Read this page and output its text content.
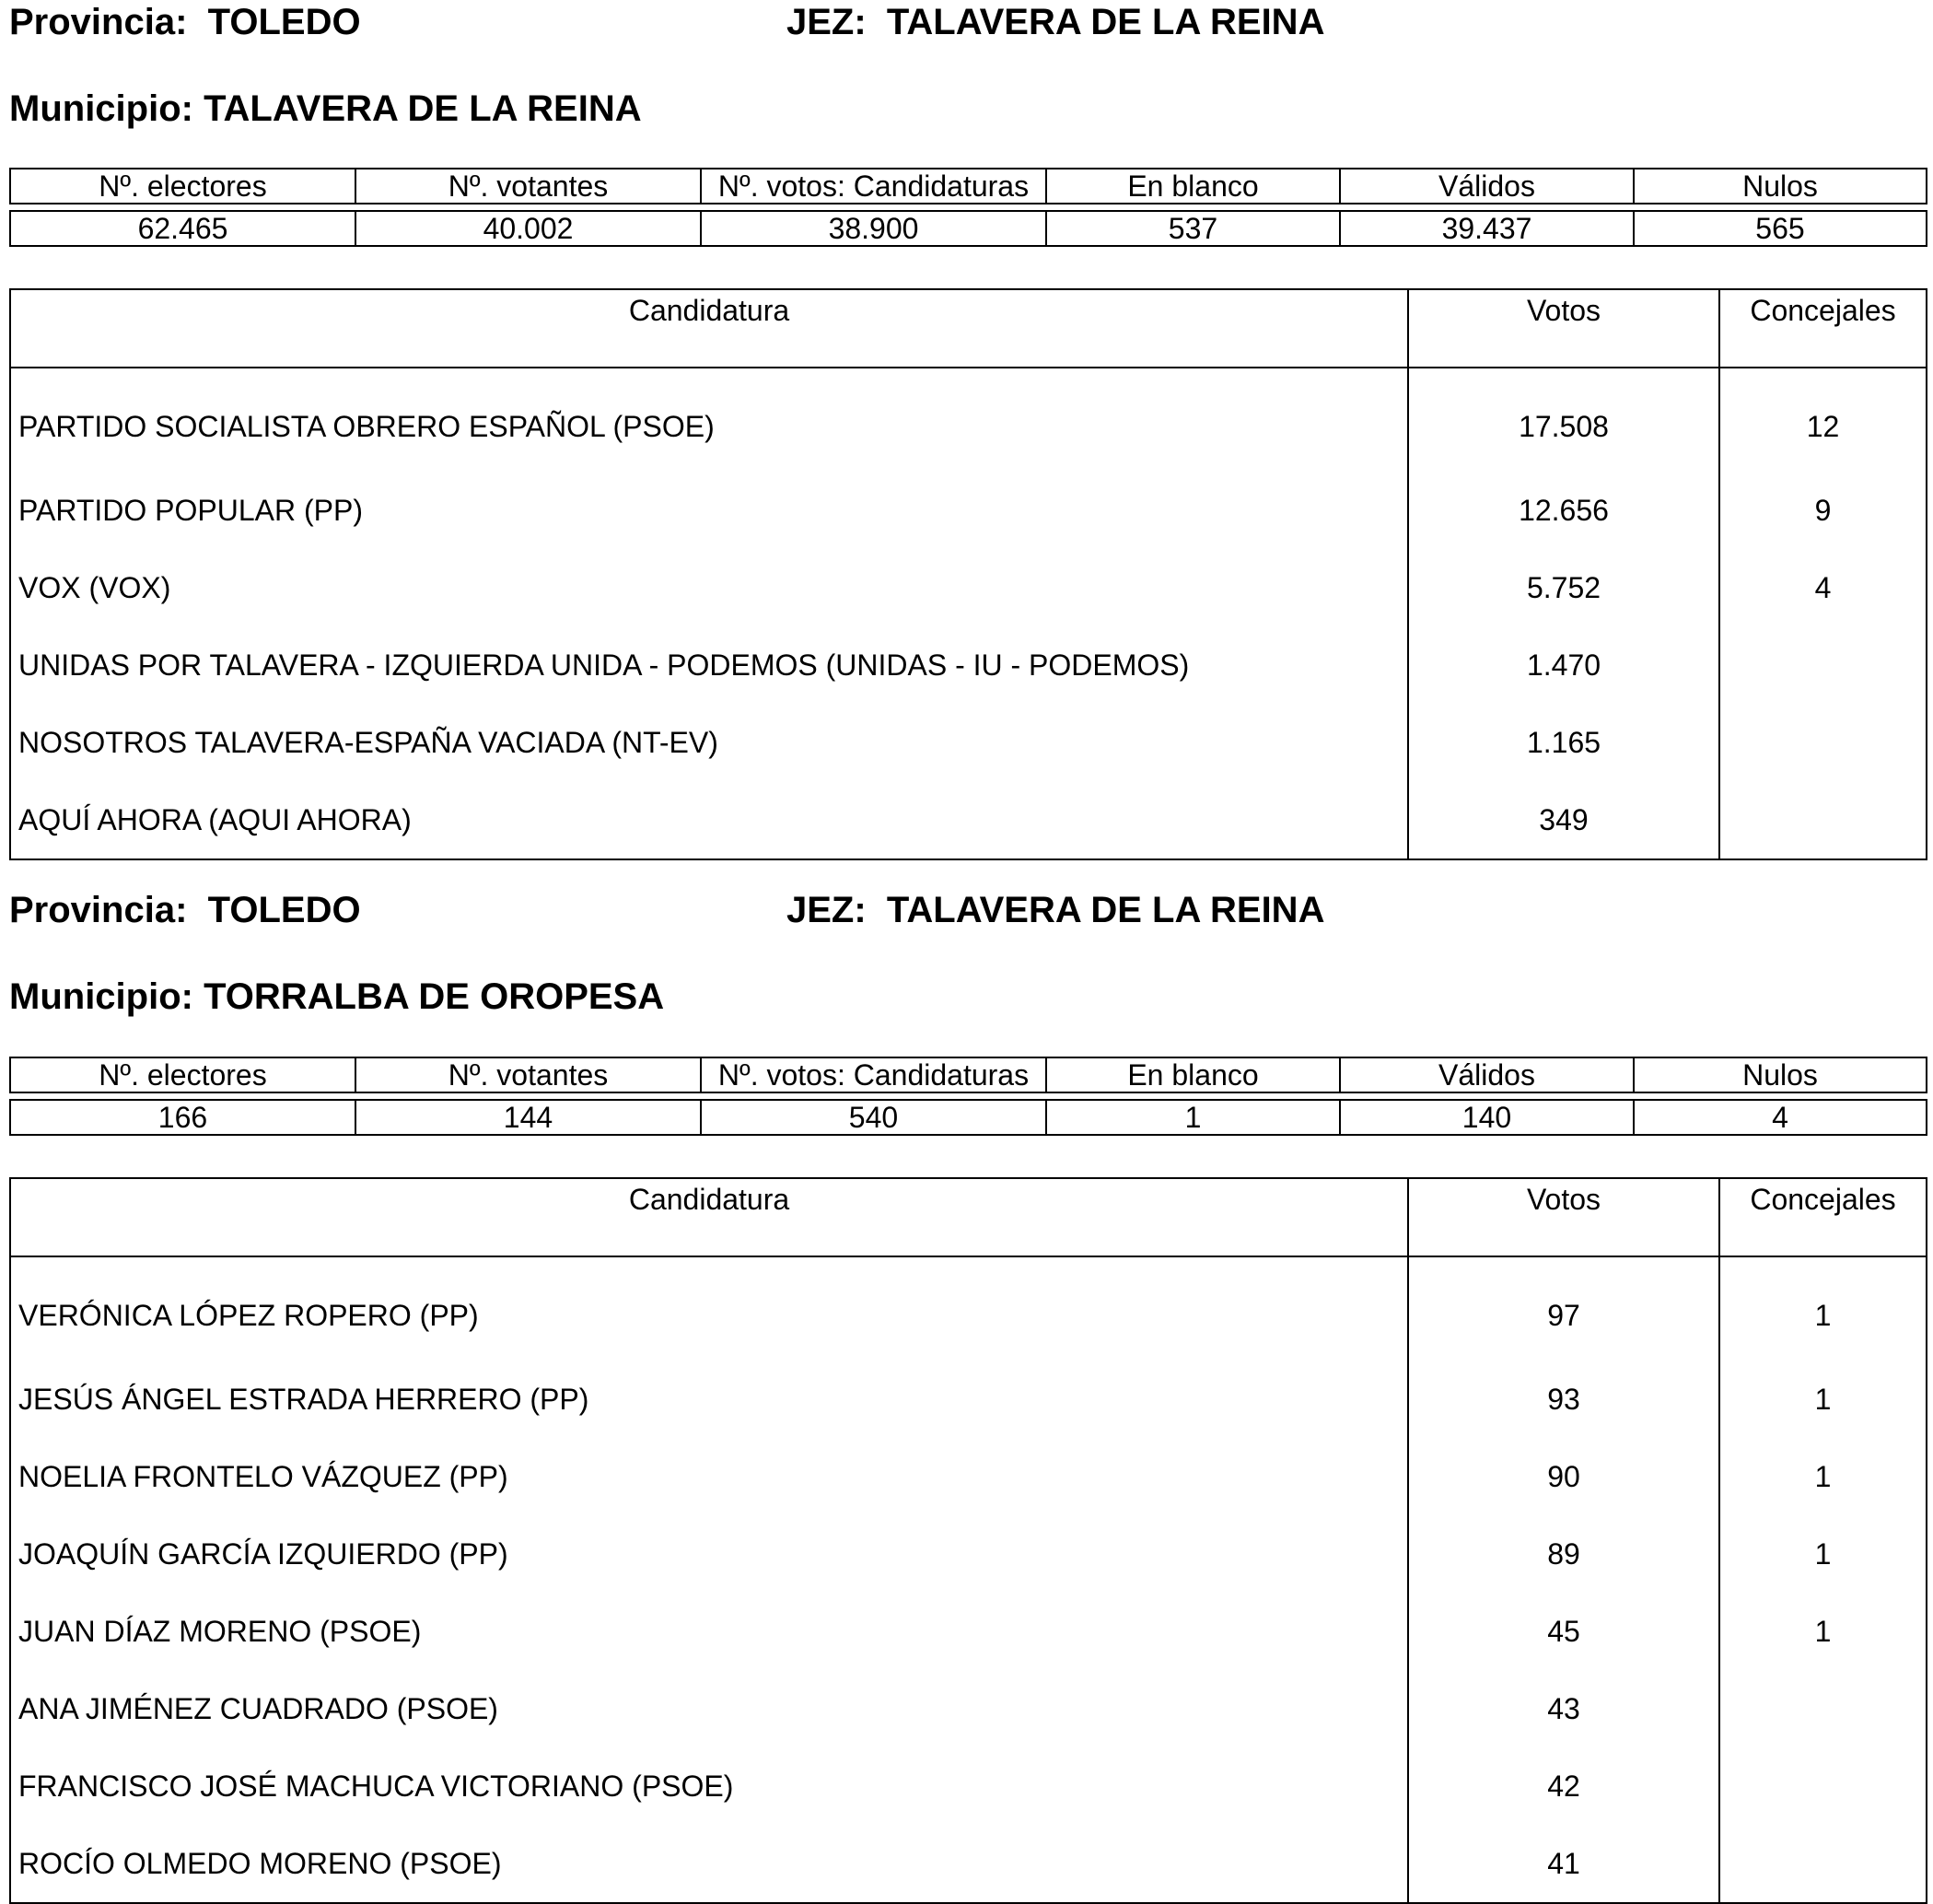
Provincia:  TOLEDO	JEZ:  TALAVERA DE LA REINA
Municipio: TALAVERA DE LA REINA
Nº. electores	Nº. votantes	Nº. votos: Candidaturas	En blanco	Válidos	Nulos

62.465	40.002	38.900	537	39.437	565
Candidatura	Votos	Concejales
PARTIDO SOCIALISTA OBRERO ESPAÑOL (PSOE)	17.508	12
PARTIDO POPULAR (PP)	12.656	9
VOX (VOX)	5.752	4
UNIDAS POR TALAVERA - IZQUIERDA UNIDA - PODEMOS (UNIDAS - IU - PODEMOS)	1.470	
NOSOTROS TALAVERA-ESPAÑA VACIADA (NT-EV)	1.165	
AQUÍ AHORA (AQUI AHORA)	349	
Provincia:  TOLEDO	JEZ:  TALAVERA DE LA REINA
Municipio: TORRALBA DE OROPESA
Nº. electores	Nº. votantes	Nº. votos: Candidaturas	En blanco	Válidos	Nulos

166	144	540	1	140	4
Candidatura	Votos	Concejales
VERÓNICA LÓPEZ ROPERO (PP)	97	1
JESÚS ÁNGEL ESTRADA HERRERO (PP)	93	1
NOELIA FRONTELO VÁZQUEZ (PP)	90	1
JOAQUÍN GARCÍA IZQUIERDO (PP)	89	1
JUAN DÍAZ MORENO (PSOE)	45	1
ANA JIMÉNEZ CUADRADO (PSOE)	43	
FRANCISCO JOSÉ MACHUCA VICTORIANO (PSOE)	42	
ROCÍO OLMEDO MORENO (PSOE)	41	
